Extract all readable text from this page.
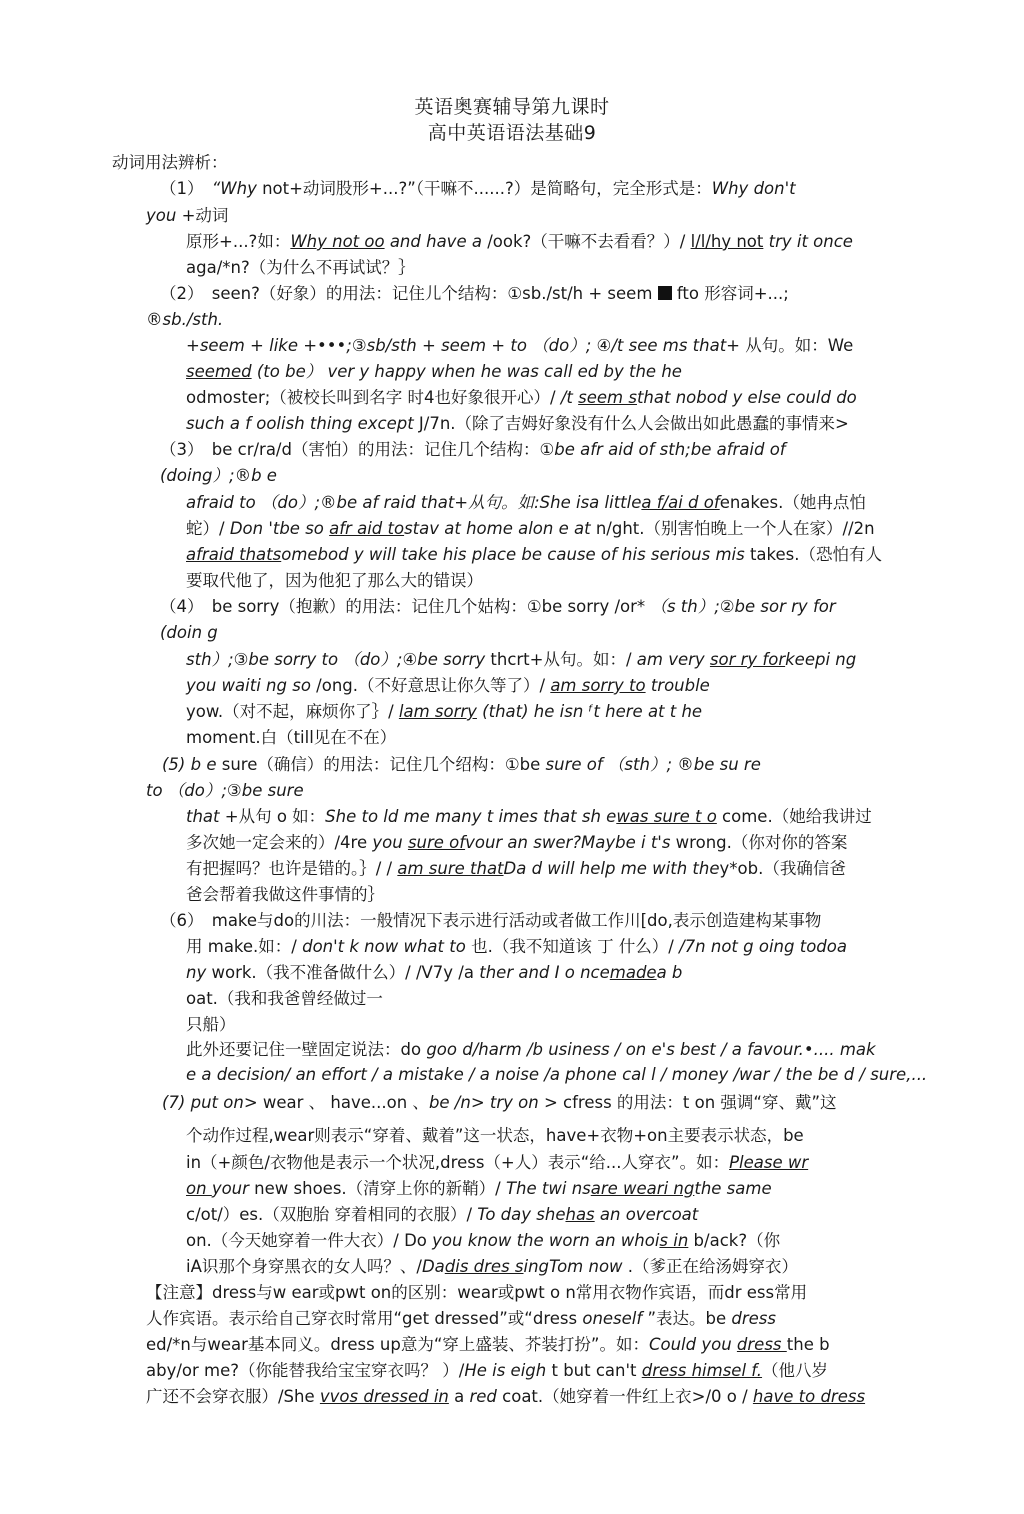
英语奥赛辅导第九课时
高中英语语法基础9
动词用法辨析：
（1）　“Why not+动词股形+...?”（干嘛不......?）是简略句，完全形式是：Why don't
you +动词
原形+...?如：Why not oo and have a /ook?（干嘛不去看看？）/ l/l/hy not try it once
aga/*n?（为什么不再试试？｝
（2）　seen?（好象）的用法：记住儿个结构：①sb./st/h + seem  fto 形容词+...;
®sb./sth.
+seem + like +•••;③sb/sth + seem + to （do）; ④/t see ms that+ 从句。如：We
seemed (to be） ver y happy when he was call ed by the he
odmoster;（被校长叫到名字 时4也好象很开心）/ /t seem sthat nobod y else could do
such a f oolish thing except J/7n.（除了吉姆好象没有什么人会做出如此愚蠢的事情来>
（3）　be cr/ra/d（害怕）的用法：记住几个结构：①be afr aid of sth;be afraid of
(doing）;®b e
afraid to （do）;®be af raid that+从句。如:She isa littlea f/ai d ofenakes.（她冉点怕
蛇）/ Don 'tbe so afr aid tostav at home alon e at n/ght.（别害怕晚上一个人在家）//2n
afraid thatsomebod y will take his place be cause of his serious mis takes.（恐怕有人
要取代他了，因为他犯了那么大的错误）
（4）　be sorry（抱歉）的用法：记住几个姑构：①be sorry /or* （s th）;②be sor ry for
(doin g
sth）;③be sorry to （do）;④be sorry thcrt+从句。如：/ am very sor ry forkeepi ng
you waiti ng so /ong.（不好意思让你久等了）/ am sorry to trouble
yow.（对不起，麻烦你了｝/ lam sorry (that) he isn ᶠt here at t he
moment.白（till见在不在）
(5) b e sure（确信）的用法：记住几个绍构：①be sure of （sth）; ®be su re
to （do）;③be sure
that +从句 o 如：She to ld me many t imes that sh ewas sure t o come.（她给我讲过
多次她一定会来的）/4re you sure ofvour an swer?Maybe i t's wrong.（你对你的答案
有把握吗？也许是错的。｝/ / am sure thatDa d will help me with they*ob.（我确信爸
爸会帮着我做这件事情的｝
（6）　make与do的川法：一般情况下表示进行活动或者做工作川[do,表示创造建构某事物
用 make.如：/ don't k now what to 也.（我不知道该 丁 什么）/ /7n not g oing todoa
ny work.（我不准备做什么）/ /V7y /a ther and I o ncemadea b
oat.（我和我爸曾经做过一
只船）
此外还要记住一壁固定说法：do goo d/harm /b usiness / on e's best / a favour.•.... mak
e a decision/ an effort / a mistake / a noise /a phone cal l / money /war / the be d / sure,...
(7) put on> wear 、 have...on 、be /n> try on > cfress 的用法：t on 强调“穿、戴”这
个动作过程,wear则表示“穿着、戴着”这一状态，have+衣物+on主要表示状态，be
in（+颜色/衣物他是表示一个状况,dress（+人）表示“给...人穿衣”。如：Please wr
on your new shoes.（清穿上你的新鞘）/ The twi nsare weari ngthe same
c/ot/）es.（双胞胎 穿着相同的衣服）/ To day shehas an overcoat
on.（今天她穿着一件大衣）/ Do you know the worn an whois in b/ack?（你
iA识那个身穿黑衣的女人吗？、/Dadis dres singTom now .（爹正在给汤姆穿衣）
【注意】dress与w ear或pwt on的区别：wear或pwt o n常用衣物作宾语，而dr ess常用
人作宾语。表示给自己穿衣时常用“get dressed”或“dress oneself ”表达。be dress
ed/*n与wear基本同义。dress up意为“穿上盛装、芥装打扮”。如：Could you dress the b
aby/or me?（你能替我给宝宝穿衣吗？ ）/He is eigh t but can't dress himsel f.（他八岁
广还不会穿衣服）/She vvos dressed in a red coat.（她穿着一件红上衣>/0 o / have to dress
